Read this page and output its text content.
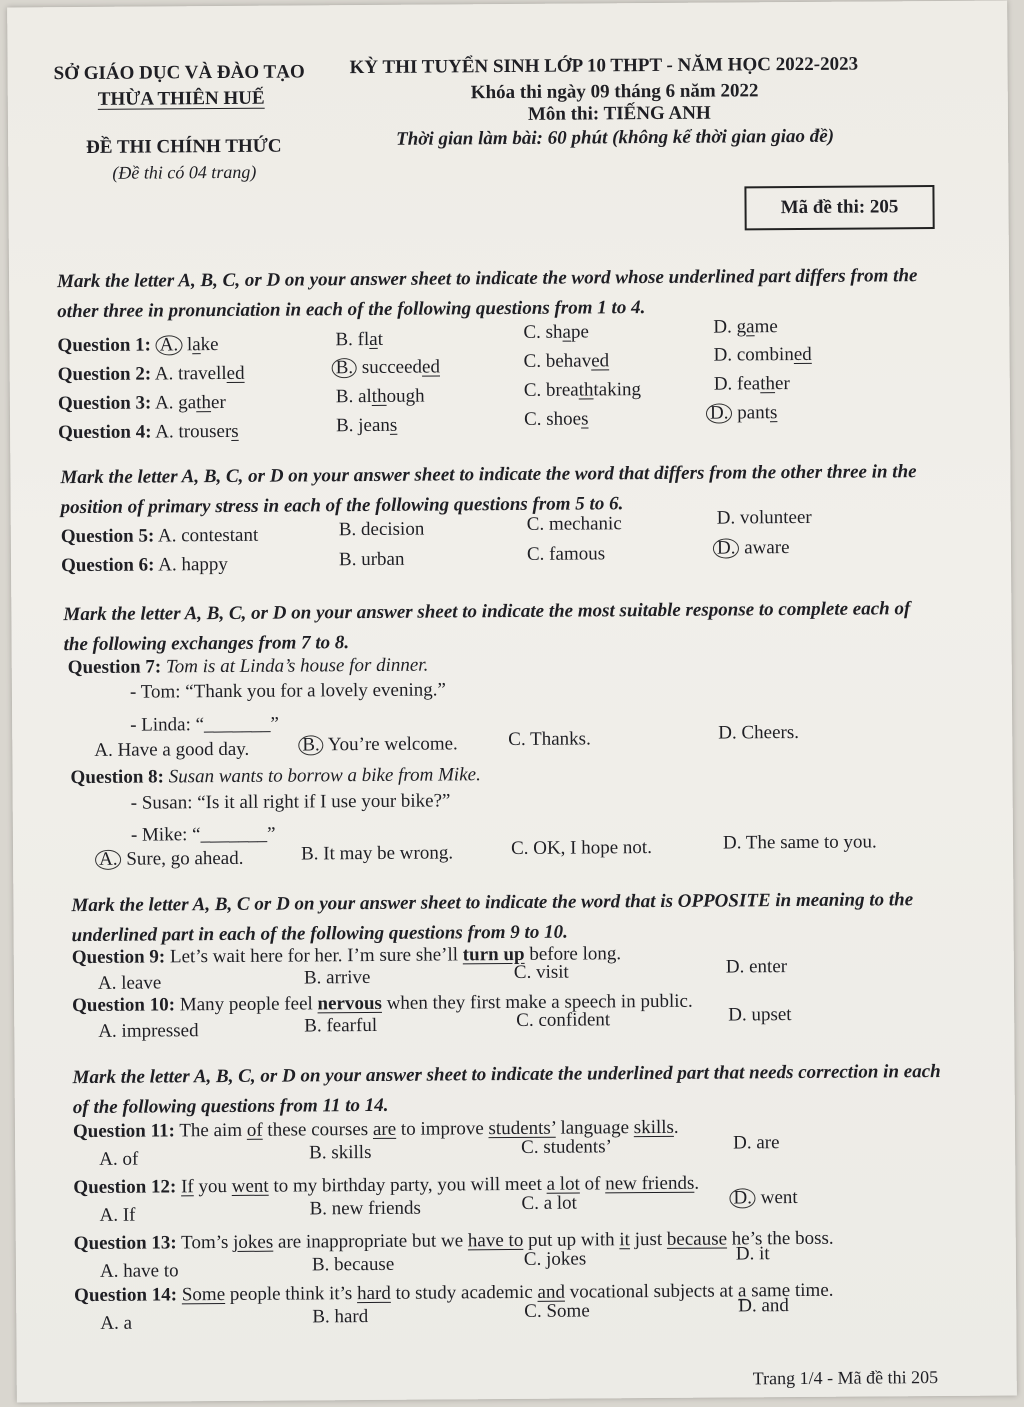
SỞ GIÁO DỤC VÀ ĐÀO TẠO
THỪA THIÊN HUẾ
ĐỀ THI CHÍNH THỨC
(Đề thi có 04 trang)
KỲ THI TUYỂN SINH LỚP 10 THPT - NĂM HỌC 2022-2023
Khóa thi ngày 09 tháng 6 năm 2022
Môn thi: TIẾNG ANH
Thời gian làm bài: 60 phút (không kể thời gian giao đề)
Mã đề thi: 205
Mark the letter A, B, C, or D on your answer sheet to indicate the word whose underlined part differs from the other three in pronunciation in each of the following questions from 1 to 4.
Question 1: A. lake	B. flat	C. shape	D. game
Question 2: A. travelled	B. succeeded	C. behaved	D. combined
Question 3: A. gather	B. although	C. breathtaking	D. feather
Question 4: A. trousers	B. jeans	C. shoes	D. pants
Mark the letter A, B, C, or D on your answer sheet to indicate the word that differs from the other three in the position of primary stress in each of the following questions from 5 to 6.
Question 5: A. contestant	B. decision	C. mechanic	D. volunteer
Question 6: A. happy	B. urban	C. famous	D. aware
Mark the letter A, B, C, or D on your answer sheet to indicate the most suitable response to complete each of the following exchanges from 7 to 8.
Question 7: Tom is at Linda’s house for dinner.
- Tom: “Thank you for a lovely evening.”
- Linda: “_______”
A. Have a good day.	B. You’re welcome.	C. Thanks.	D. Cheers.
Question 8: Susan wants to borrow a bike from Mike.
- Susan: “Is it all right if I use your bike?”
- Mike: “_______”
A. Sure, go ahead.	B. It may be wrong.	C. OK, I hope not.	D. The same to you.
Mark the letter A, B, C or D on your answer sheet to indicate the word that is OPPOSITE in meaning to the underlined part in each of the following questions from 9 to 10.
Question 9: Let’s wait here for her. I’m sure she’ll turn up before long.
A. leave	B. arrive	C. visit	D. enter
Question 10: Many people feel nervous when they first make a speech in public.
A. impressed	B. fearful	C. confident	D. upset
Mark the letter A, B, C, or D on your answer sheet to indicate the underlined part that needs correction in each of the following questions from 11 to 14.
Question 11: The aim of these courses are to improve students’ language skills.
A. of	B. skills	C. students’	D. are
Question 12: If you went to my birthday party, you will meet a lot of new friends.
A. If	B. new friends	C. a lot	D. went
Question 13: Tom’s jokes are inappropriate but we have to put up with it just because he’s the boss.
A. have to	B. because	C. jokes	D. it
Question 14: Some people think it’s hard to study academic and vocational subjects at a same time.
A. a	B. hard	C. Some	D. and
Trang 1/4 - Mã đề thi 205
